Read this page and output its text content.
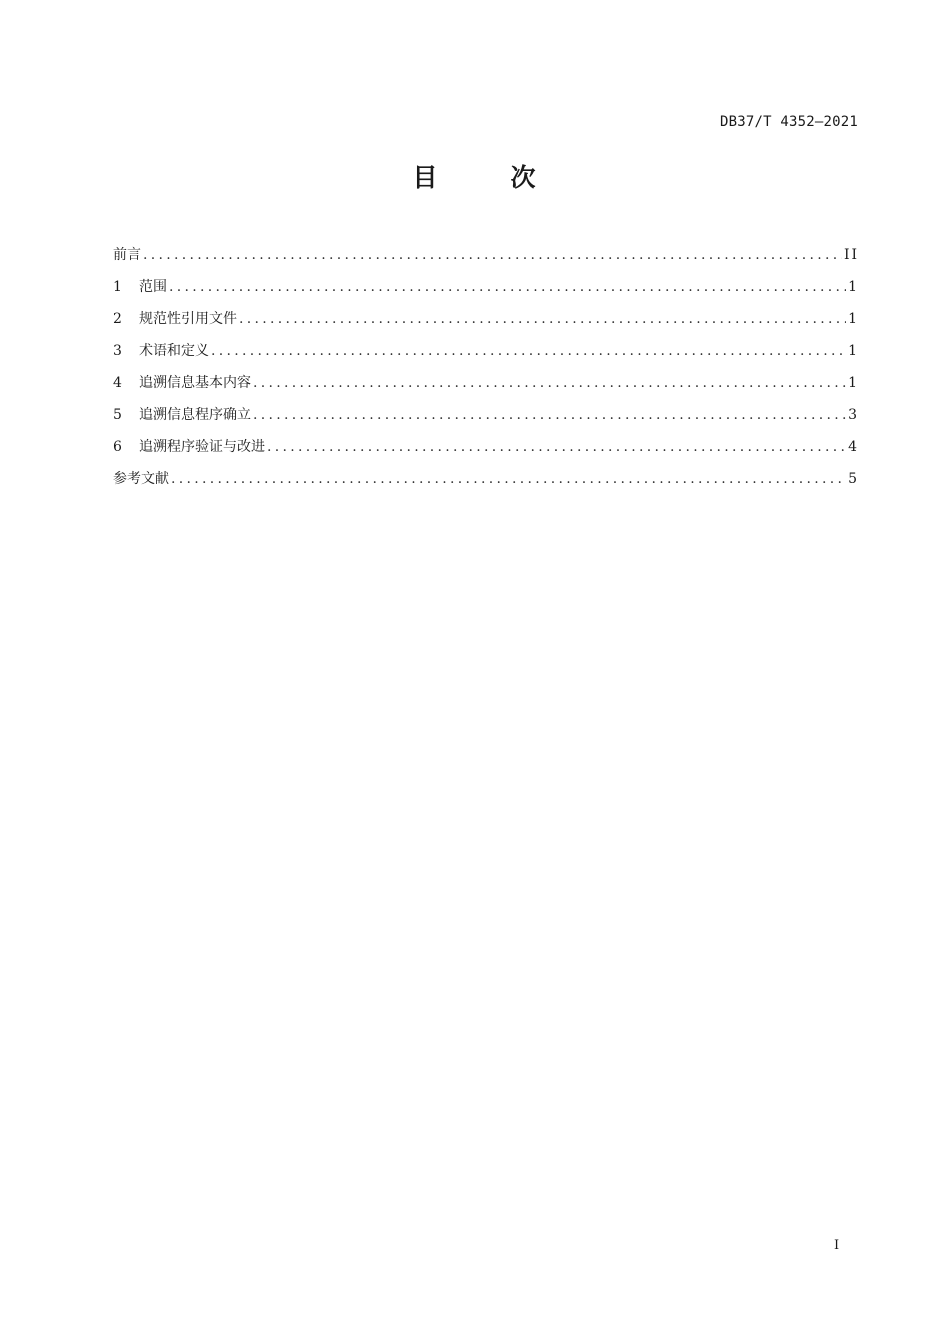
DB37/T 4352—2021
目　次
前言 .....	II
1	范围 .....	1
2	规范性引用文件 .....	1
3	术语和定义 .....	1
4	追溯信息基本内容 .....	1
5	追溯信息程序确立 .....	3
6	追溯程序验证与改进 .....	4
参考文献 .....	5
I
